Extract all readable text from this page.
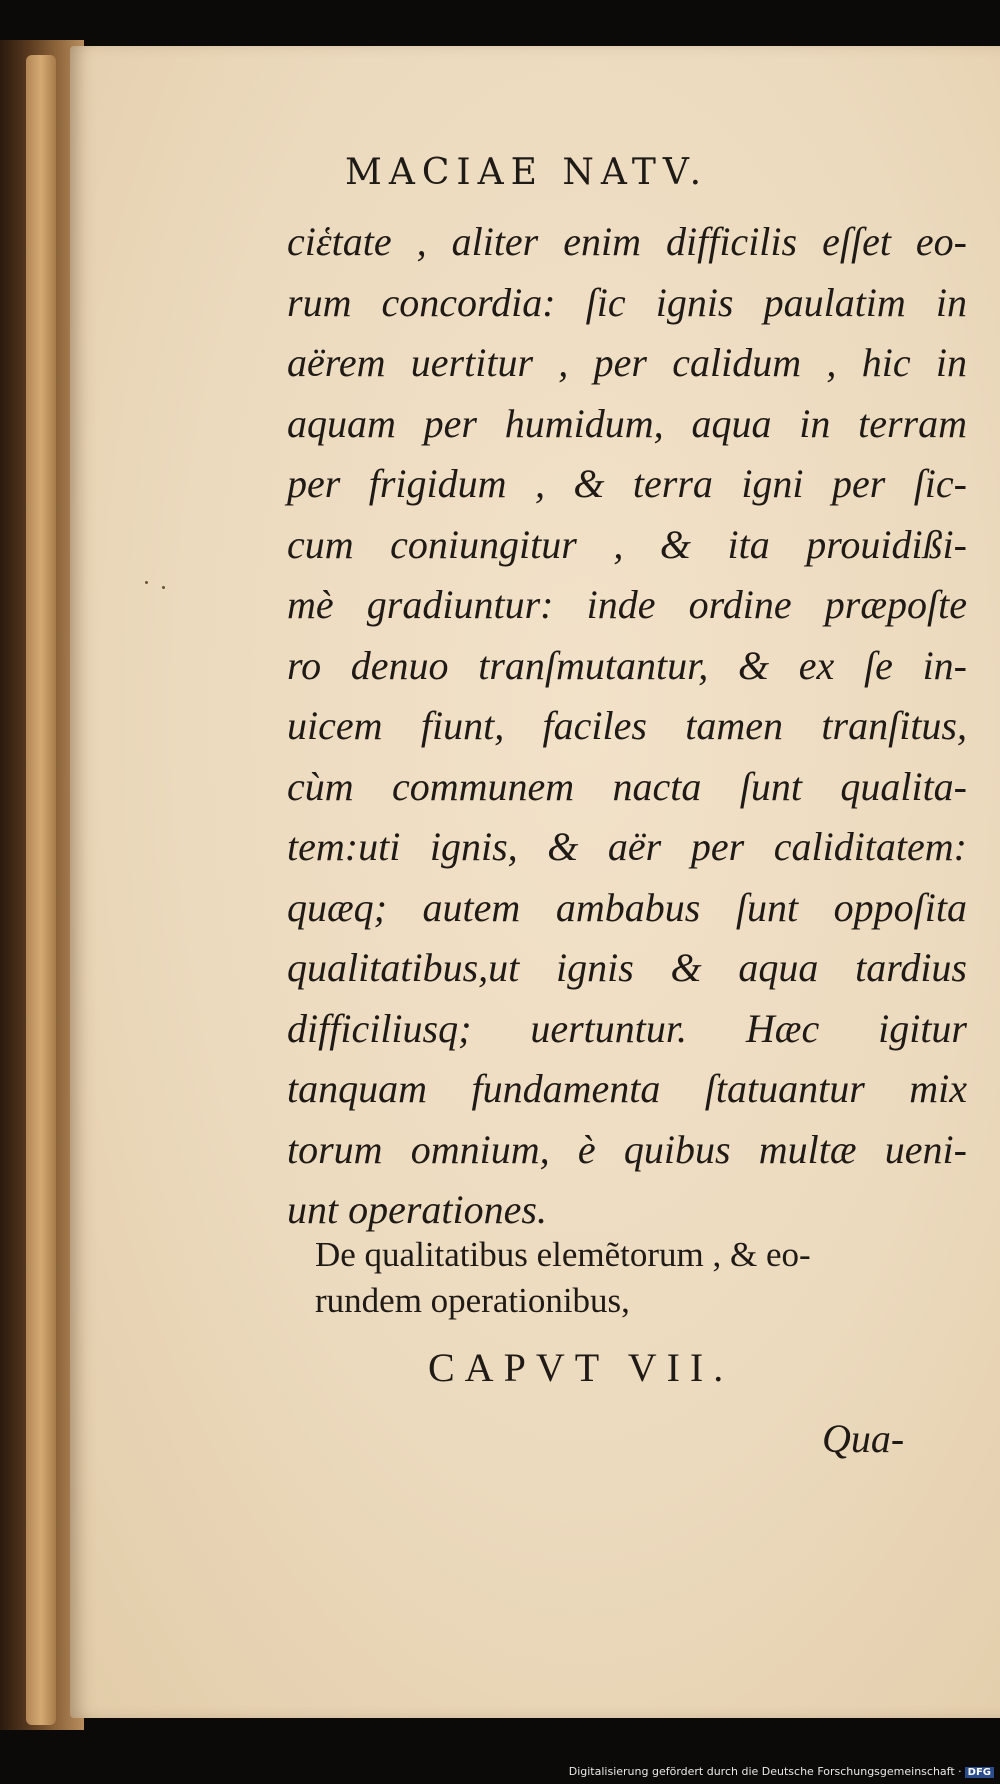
MACIAE NATV.
ciἑtate , aliter enim difficilis eſſet eo-
rum concordia: ſic ignis paulatim in
aërem uertitur , per calidum , hic in
aquam per humidum, aqua in terram
per frigidum , & terra igni per ſic-
cum coniungitur , & ita prouidißi-
mè gradiuntur: inde ordine præpoſte
ro denuo tranſmutantur, & ex ſe in-
uicem fiunt, faciles tamen tranſitus,
cùm communem nacta ſunt qualita-
tem:uti ignis, & aër per caliditatem:
quæq; autem ambabus ſunt oppoſita
qualitatibus,ut ignis & aqua tardius
difficiliusq; uertuntur. Hæc igitur
tanquam fundamenta ſtatuantur mix
torum omnium, è quibus multæ ueni-
unt operationes.
De qualitatibus elemẽtorum , & eo-
rundem operationibus,
CAPVT VII.
Qua-
Digitalisierung gefördert durch die Deutsche Forschungsgemeinschaft · DFG
